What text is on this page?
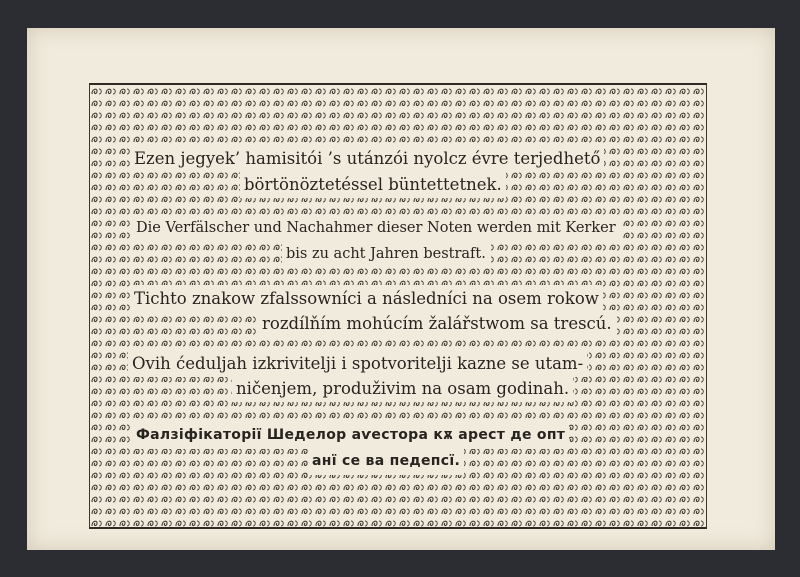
Ezen jegyek’ hamisitói ’s utánzói nyolcz évre terjedhető
börtönöztetéssel büntettetnek.
Die Verfälscher und Nachahmer dieser Noten werden mit Kerker
bis zu acht Jahren bestraft.
Tichto znakow zfalssowníci a následníci na osem rokow
rozdílňím mohúcím žalářstwom sa trescú.
Ovih ćeduljah izkrivitelji i spotvoritelji kazne se utam-
ničenjem, produživim na osam godinah.
Фалзіфікаторії Шеделор аѵестора кѫ арест де опт
анї се ва педепсї.
